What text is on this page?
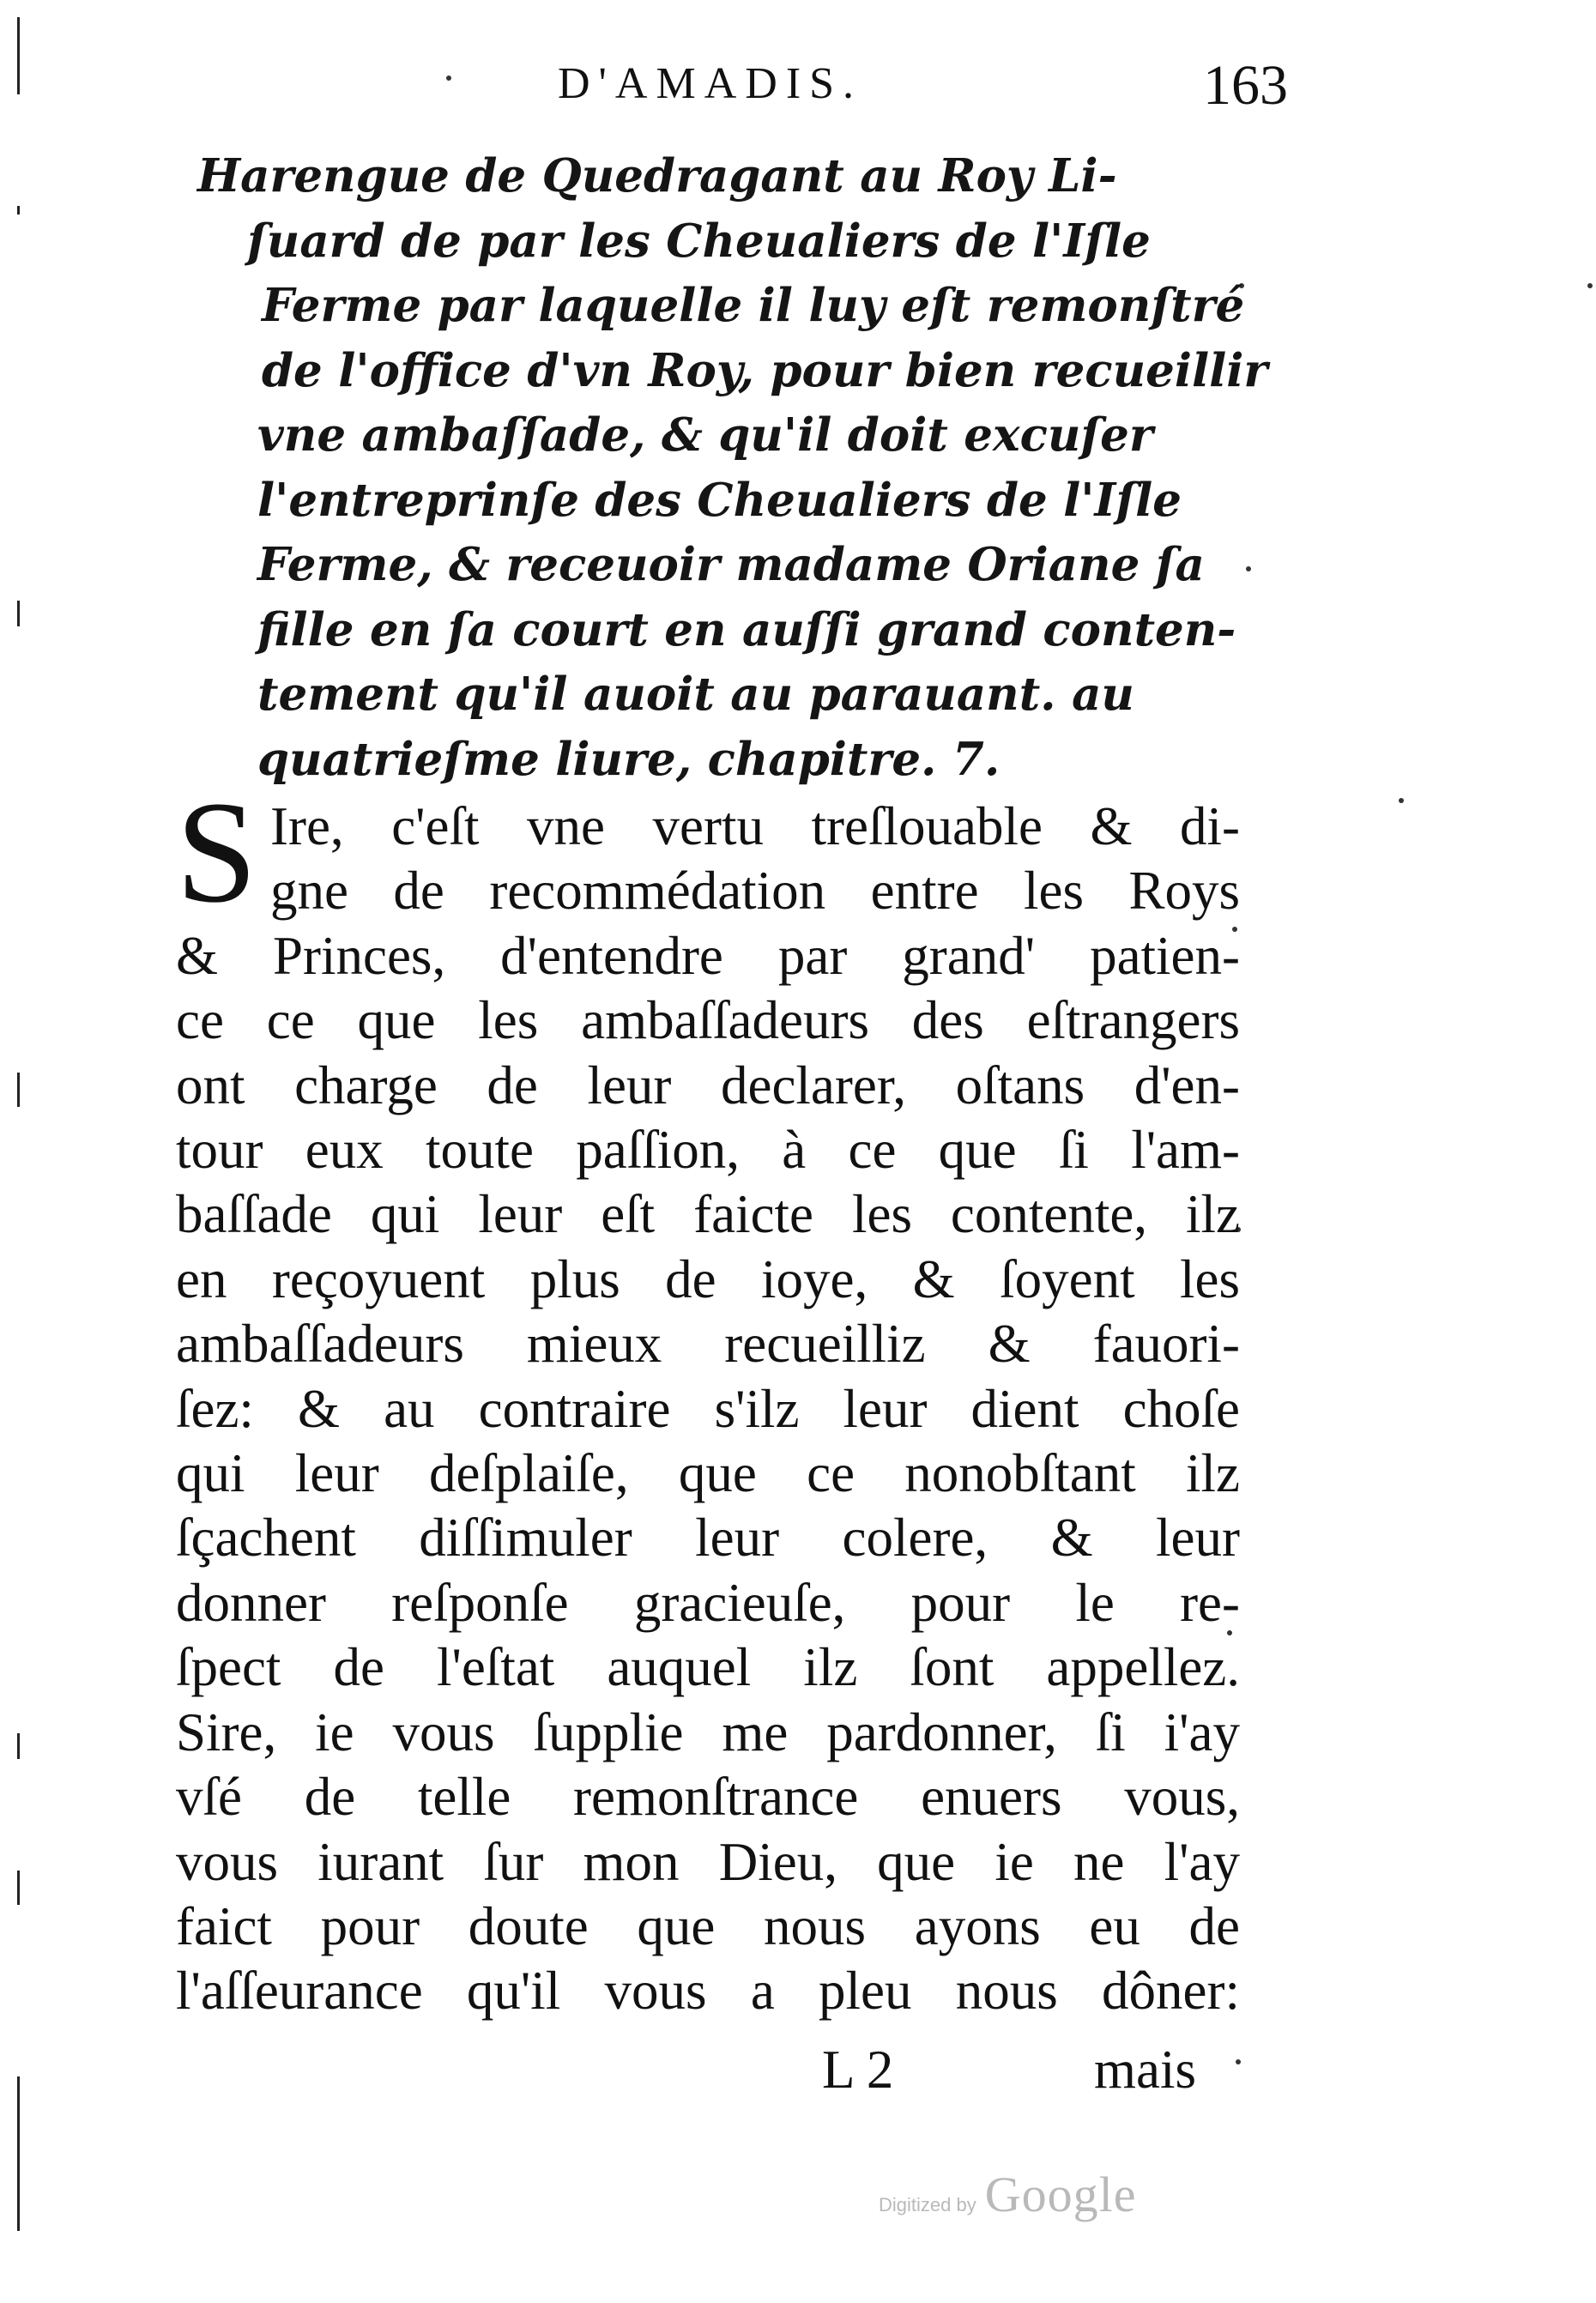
D'AMADIS.	163
Harengue de Quedragant au Roy Li-
ſuard de par les Cheualiers de l'Iſle
Ferme par laquelle il luy eſt remonſtré
de l'office d'vn Roy, pour bien recueillir
vne ambaſſade, & qu'il doit excuſer
l'entreprinſe des Cheualiers de l'Iſle
Ferme, & receuoir madame Oriane ſa
fille en ſa court en auſſi grand conten-
tement qu'il auoit au parauant. au
quatrieſme liure, chapitre. 7.
S Ire, c'eſt vne vertu treſlouable & di-
gne de recommédation entre les Roys
& Princes, d'entendre par grand' patien-
ce ce que les ambaſſadeurs des eſtrangers
ont charge de leur declarer, oſtans d'en-
tour eux toute paſſion, à ce que ſi l'am-
baſſade qui leur eſt faicte les contente, ilz
en reçoyuent plus de ioye, & ſoyent les
ambaſſadeurs mieux recueilliz & fauori-
ſez: & au contraire s'ilz leur dient choſe
qui leur deſplaiſe, que ce nonobſtant ilz
ſçachent diſſimuler leur colere, & leur
donner reſponſe gracieuſe, pour le re-
ſpect de l'eſtat auquel ilz ſont appellez.
Sire, ie vous ſupplie me pardonner, ſi i'ay
vſé de telle remonſtrance enuers vous,
vous iurant ſur mon Dieu, que ie ne l'ay
faict pour doute que nous ayons eu de
l'aſſeurance qu'il vous a pleu nous dôner:
L 2	mais
Digitized by Google
